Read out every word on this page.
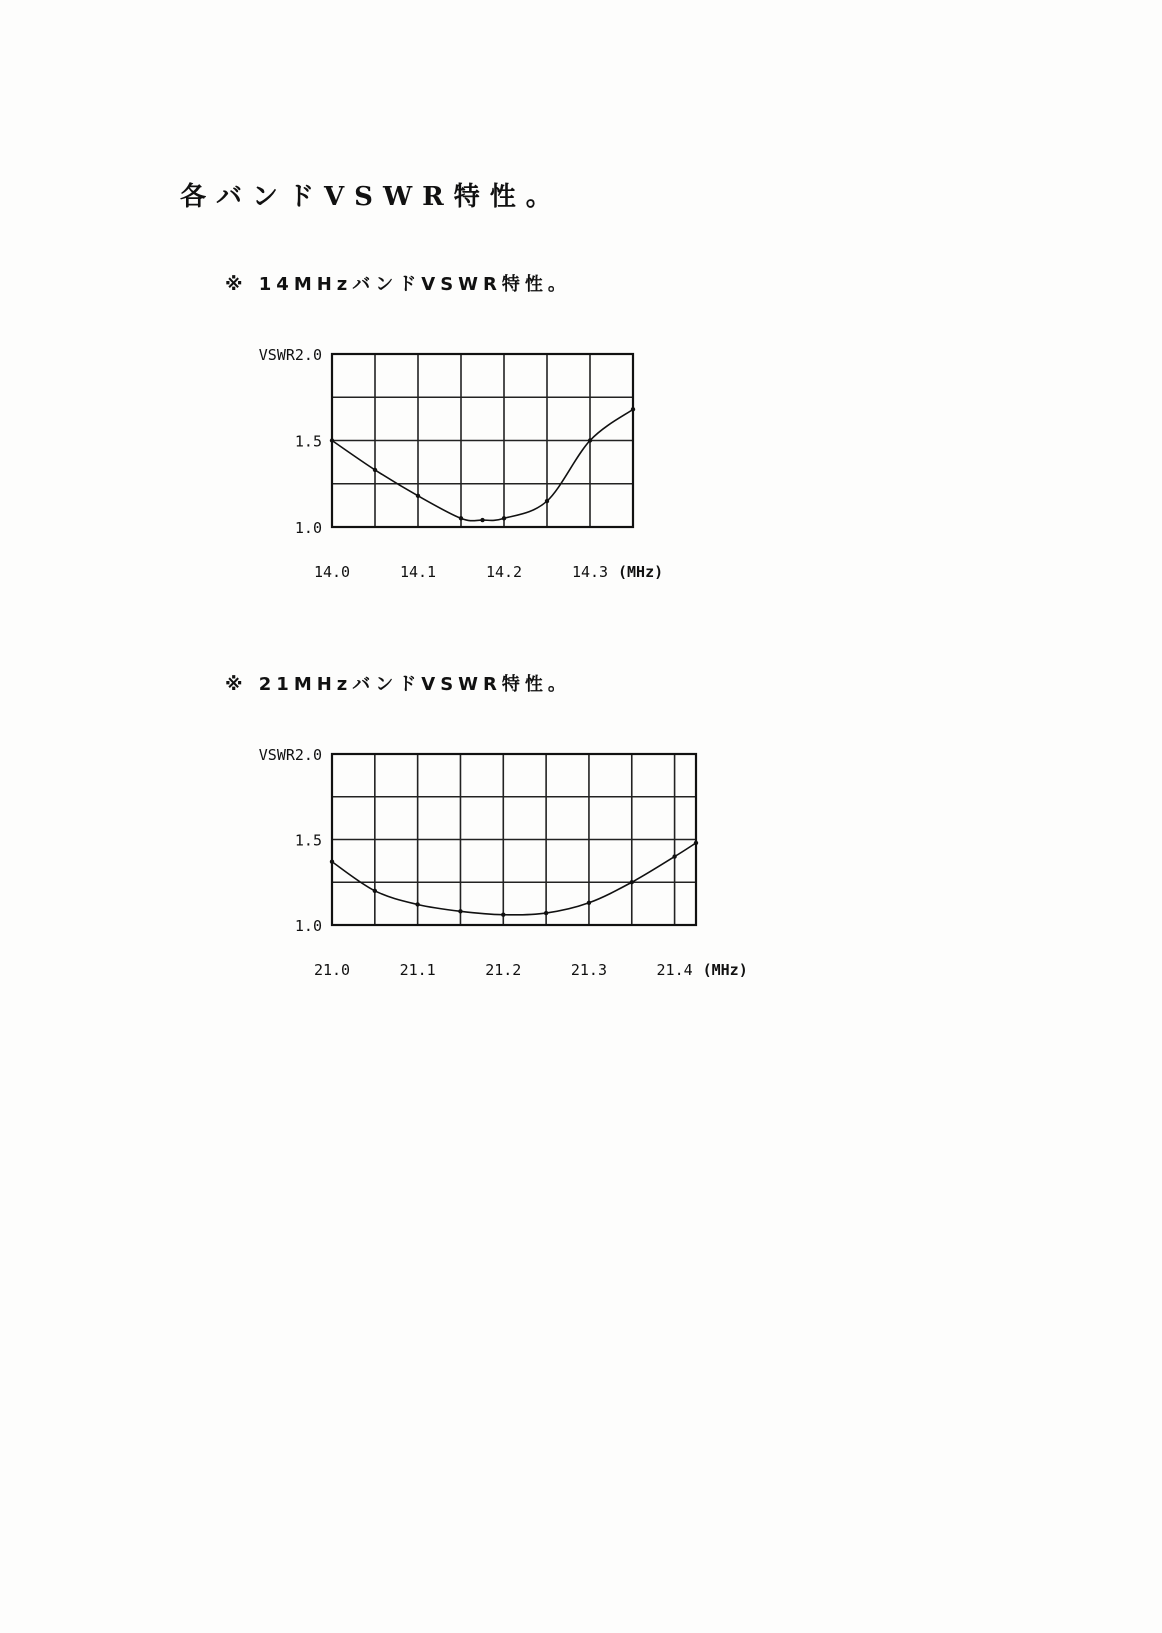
各バンドVSWR特性。
※ 14MHzバンドVSWR特性。
VSWR2.0
1.5
1.0
14.0	14.1	14.2	14.3 (MHz)
※ 21MHzバンドVSWR特性。
VSWR2.0
1.5
1.0
21.0	21.1	21.2	21.3	21.4 (MHz)
